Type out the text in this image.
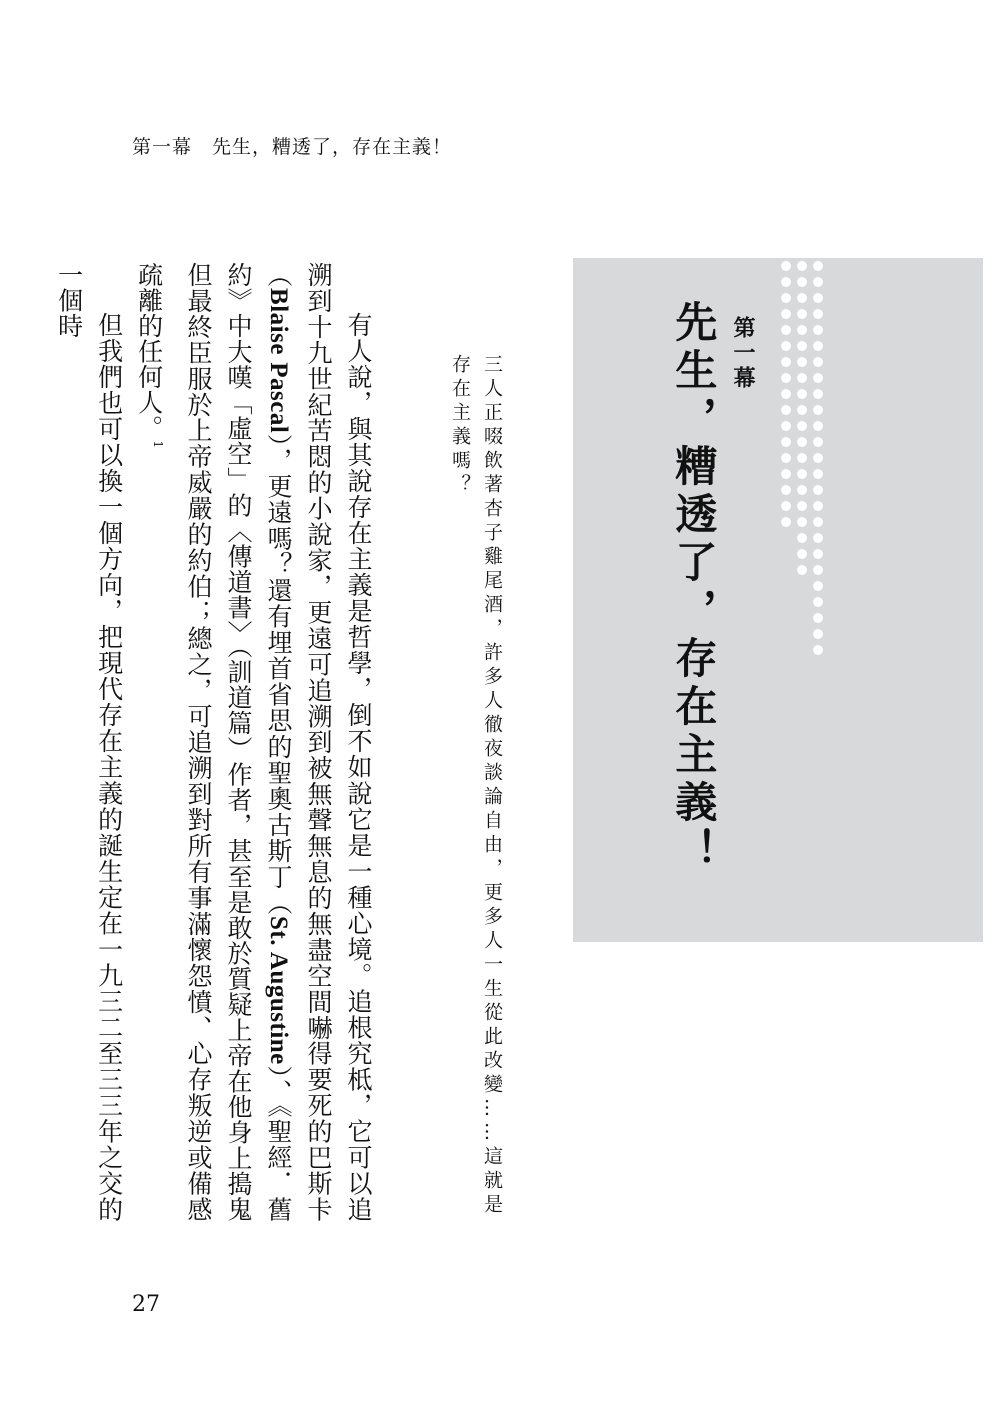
第一幕　先生，糟透了，存在主義！
第一幕
先生，糟透了，存在主義！
三人正啜飲著杏子雞尾酒，許多人徹夜談論自由，更多人一生從此改變……這就是存在主義嗎？

有人說，與其說存在主義是哲學，倒不如說它是一種心境。追根究柢，它可以追溯到十九世紀苦悶的小說家，更遠可追溯到被無聲無息的無盡空間嚇得要死的巴斯卡（Blaise Pascal），更遠嗎？還有埋首省思的聖奧古斯丁（St. Augustine）、《聖經．舊約》中大嘆「虛空」的〈傳道書〉（訓道篇）作者，甚至是敢於質疑上帝在他身上搗鬼但最終臣服於上帝威嚴的約伯；總之，可追溯到對所有事滿懷怨憤、心存叛逆或備感疏離的任何人。$^1$

但我們也可以換一個方向，把現代存在主義的誕生定在一九三二至三三年之交的一個時

27
